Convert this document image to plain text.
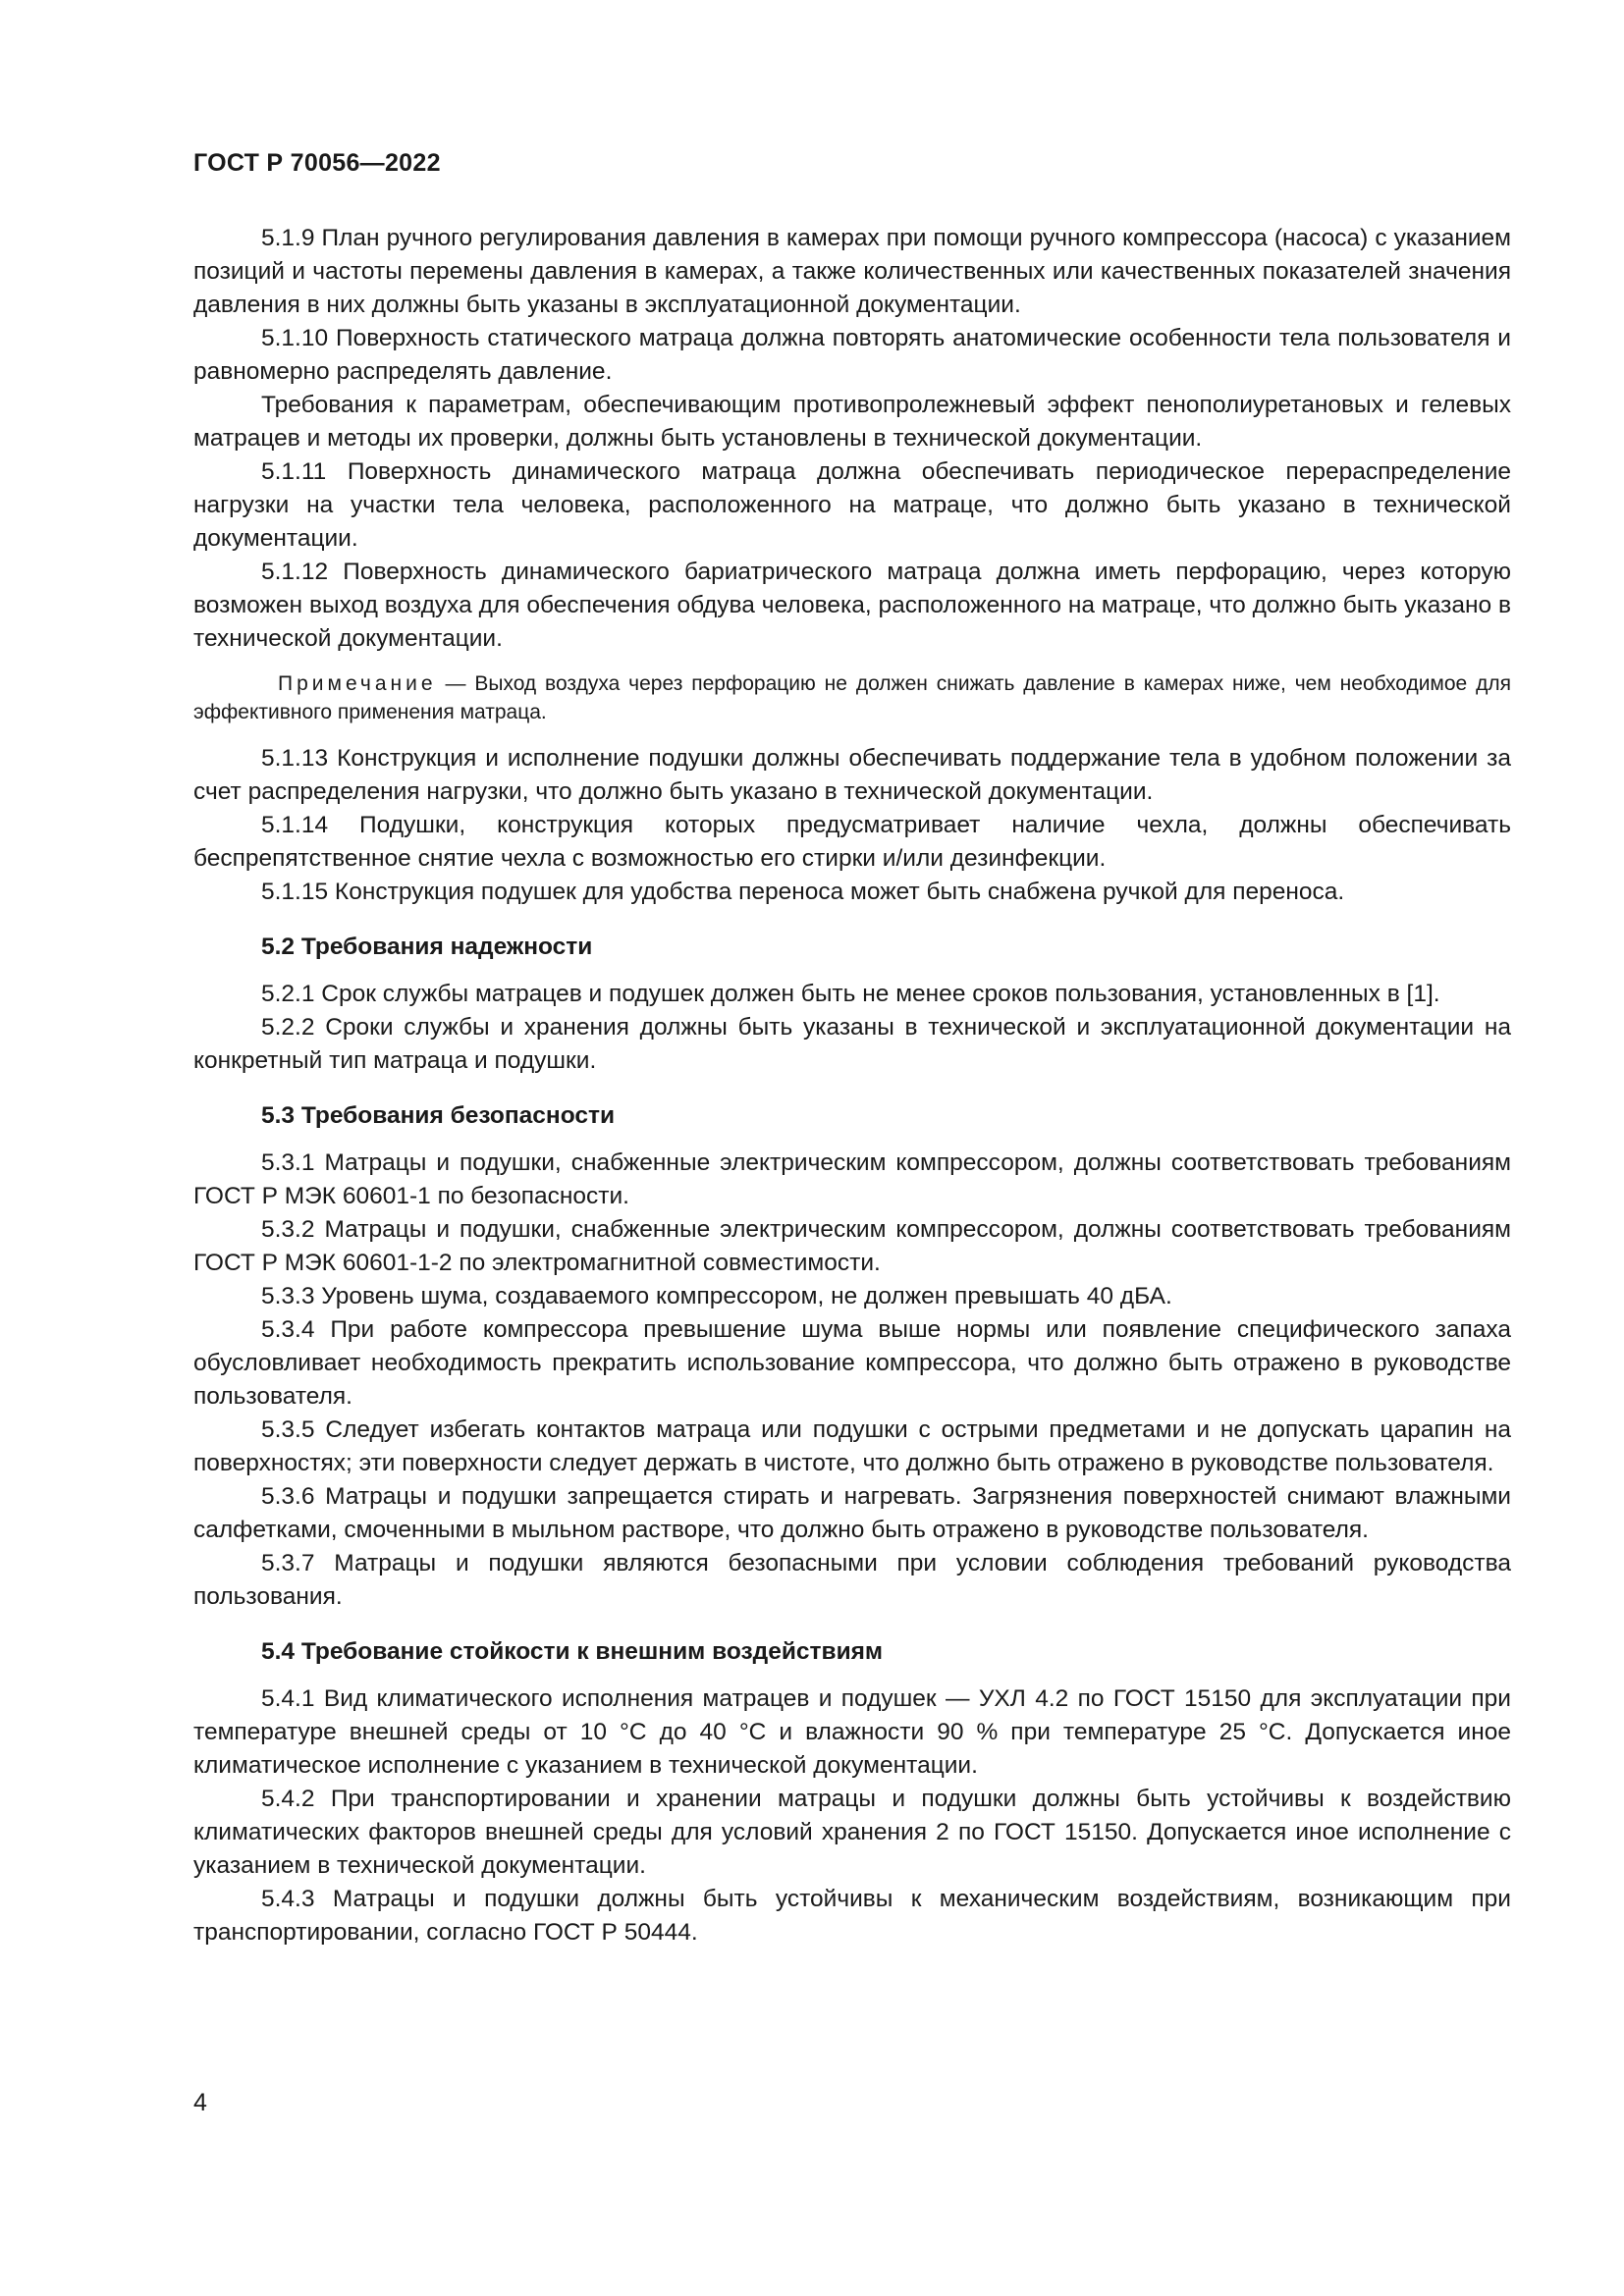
ГОСТ Р 70056—2022

5.1.9 План ручного регулирования давления в камерах при помощи ручного компрессора (насоса) с указанием позиций и частоты перемены давления в камерах, а также количественных или качественных показателей значения давления в них должны быть указаны в эксплуатационной документации.

5.1.10 Поверхность статического матраца должна повторять анатомические особенности тела пользователя и равномерно распределять давление.

Требования к параметрам, обеспечивающим противопролежневый эффект пенополиуретановых и гелевых матрацев и методы их проверки, должны быть установлены в технической документации.

5.1.11 Поверхность динамического матраца должна обеспечивать периодическое перераспределение нагрузки на участки тела человека, расположенного на матраце, что должно быть указано в технической документации.

5.1.12 Поверхность динамического бариатрического матраца должна иметь перфорацию, через которую возможен выход воздуха для обеспечения обдува человека, расположенного на матраце, что должно быть указано в технической документации.

Примечание — Выход воздуха через перфорацию не должен снижать давление в камерах ниже, чем необходимое для эффективного применения матраца.

5.1.13 Конструкция и исполнение подушки должны обеспечивать поддержание тела в удобном положении за счет распределения нагрузки, что должно быть указано в технической документации.

5.1.14 Подушки, конструкция которых предусматривает наличие чехла, должны обеспечивать беспрепятственное снятие чехла с возможностью его стирки и/или дезинфекции.

5.1.15 Конструкция подушек для удобства переноса может быть снабжена ручкой для переноса.

5.2 Требования надежности

5.2.1 Срок службы матрацев и подушек должен быть не менее сроков пользования, установленных в [1].

5.2.2 Сроки службы и хранения должны быть указаны в технической и эксплуатационной документации на конкретный тип матраца и подушки.

5.3 Требования безопасности

5.3.1 Матрацы и подушки, снабженные электрическим компрессором, должны соответствовать требованиям ГОСТ Р МЭК 60601-1 по безопасности.

5.3.2 Матрацы и подушки, снабженные электрическим компрессором, должны соответствовать требованиям ГОСТ Р МЭК 60601-1-2 по электромагнитной совместимости.

5.3.3 Уровень шума, создаваемого компрессором, не должен превышать 40 дБА.

5.3.4 При работе компрессора превышение шума выше нормы или появление специфического запаха обусловливает необходимость прекратить использование компрессора, что должно быть отражено в руководстве пользователя.

5.3.5 Следует избегать контактов матраца или подушки с острыми предметами и не допускать царапин на поверхностях; эти поверхности следует держать в чистоте, что должно быть отражено в руководстве пользователя.

5.3.6 Матрацы и подушки запрещается стирать и нагревать. Загрязнения поверхностей снимают влажными салфетками, смоченными в мыльном растворе, что должно быть отражено в руководстве пользователя.

5.3.7 Матрацы и подушки являются безопасными при условии соблюдения требований руководства пользования.

5.4 Требование стойкости к внешним воздействиям

5.4.1 Вид климатического исполнения матрацев и подушек — УХЛ 4.2 по ГОСТ 15150 для эксплуатации при температуре внешней среды от 10 °С до 40 °С и влажности 90 % при температуре 25 °С. Допускается иное климатическое исполнение с указанием в технической документации.

5.4.2 При транспортировании и хранении матрацы и подушки должны быть устойчивы к воздействию климатических факторов внешней среды для условий хранения 2 по ГОСТ 15150. Допускается иное исполнение с указанием в технической документации.

5.4.3 Матрацы и подушки должны быть устойчивы к механическим воздействиям, возникающим при транспортировании, согласно ГОСТ Р 50444.

4
